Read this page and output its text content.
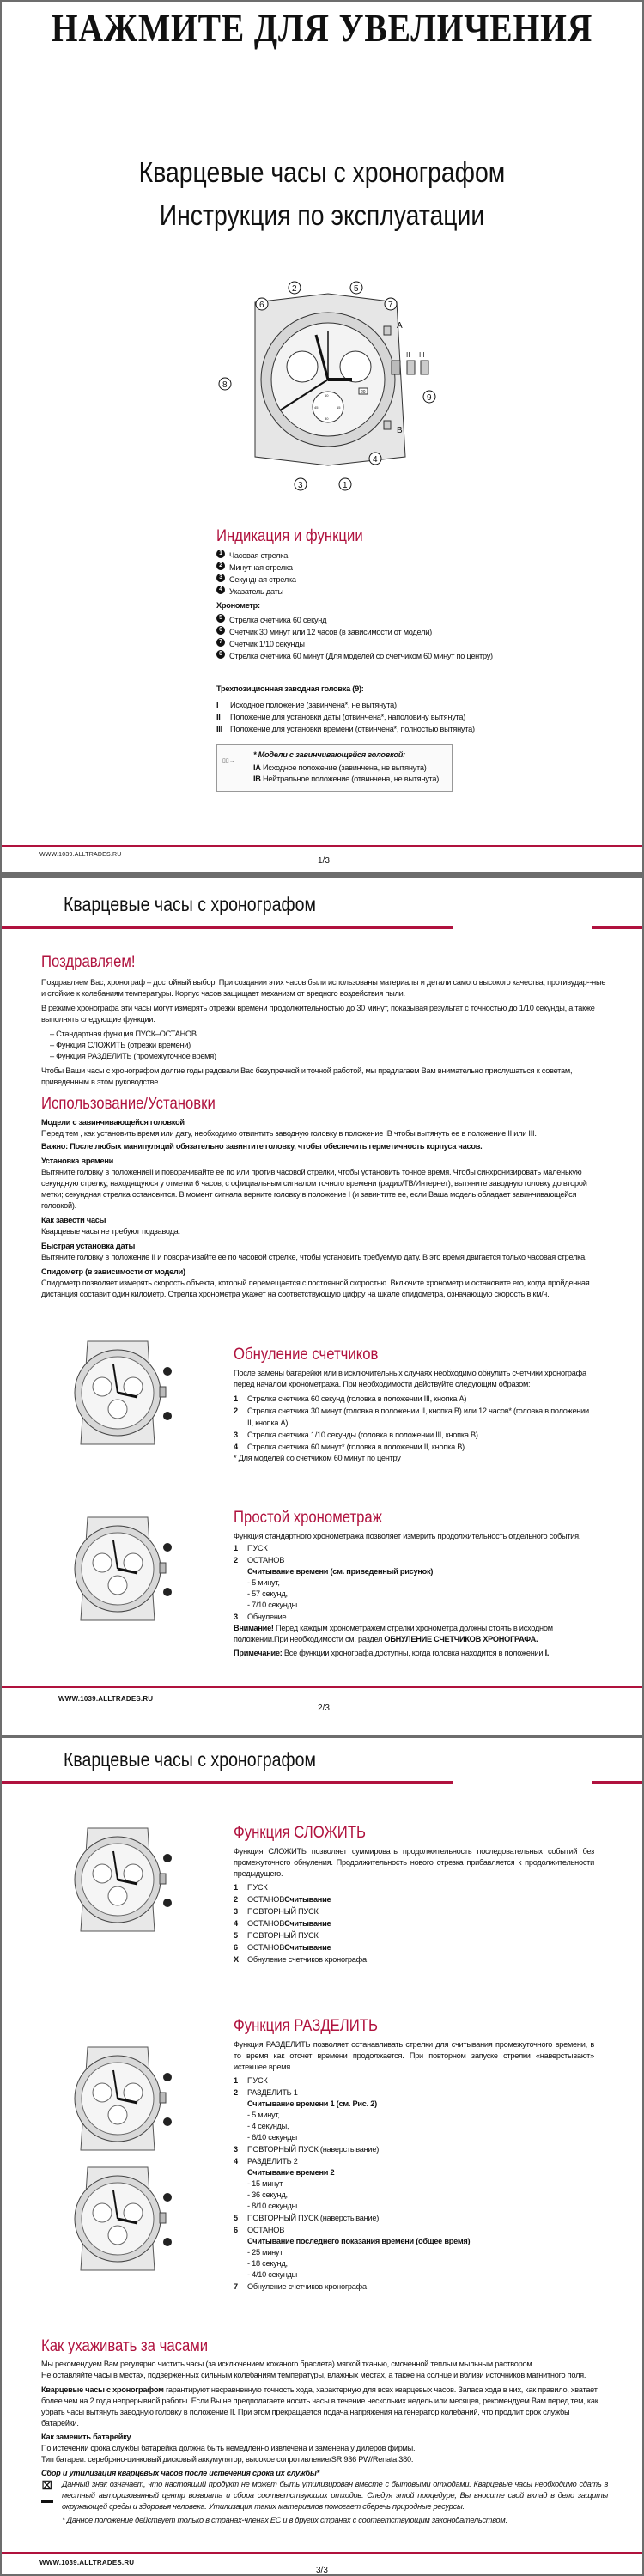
НАЖМИТЕ ДЛЯ УВЕЛИЧЕНИЯ
Кварцевые часы с хронографом
Инструкция по эксплуатации
6
2	5
7
8
9
4
3	1
A
B
II III
60
15
30
45
20
Индикация и функции
1 Часовая стрелка
2 Минутная стрелка
3 Секундная стрелка
4 Указатель даты
Хронометр:
5 Стрелка счетчика 60 секунд
6 Счетчик 30 минут или 12 часов (в зависимости от модели)
7 Счетчик 1/10 секунды
8 Стрелка счетчика 60 минут (Для моделей со счетчиком 60 минут по центру)
Трехпозиционная заводная головка (9):
I	Исходное положение (завинчена*, не вытянута)
II	Положение для установки даты (отвинчена*, наполовину вытянута)
III Положение для установки времени (отвинчена*, полностью вытянута)
▯▯→
* Модели с завинчивающейся головкой:
IA Исходное положение (завинчена, не вытянута)
IB Нейтральное положение (отвинчена, не вытянута)
WWW.1039.ALLTRADES.RU
1/3
Кварцевые часы с хронографом
Поздравляем!

Поздравляем Вас, хронограф – достойный выбор. При создании этих часов были использованы материалы и детали самого высокого качества, противудар--ные и стойкие к колебаниям температуры. Корпус часов защищает механизм от вредного воздействия пыли.

В режиме хронографа эти часы могут измерять отрезки времени продолжительностью до 30 минут, показывая результат с точностью до 1/10 секунды, а также выполнять следующие функции:

– Стандартная функция ПУСК–ОСТАНОВ
– Функция СЛОЖИТЬ (отрезки времени)
– Функция РАЗДЕЛИТЬ (промежуточное время)

Чтобы Ваши часы с хронографом долгие годы радовали Вас безупречной и точной работой, мы предлагаем Вам внимательно прислушаться к советам, приведенным в этом руководстве.

Использование/Установки

Модели с завинчивающейся головкой

Перед тем , как установить время или дату, необходимо отвинтить заводную головку в положение IB чтобы вытянуть ее в положение II или III.

Важно: После любых манипуляций обязательно завинтите головку, чтобы обеспечить герметичность корпуса часов.

Установка времени

Вытяните головку в положениеII и поворачивайте ее по или против часовой стрелки, чтобы установить точное время. Чтобы синхронизировать маленькую секундную стрелку, находящуюся у отметки 6 часов, с официальным сигналом точного времени (радио/ТВ/Интернет), вытяните заводную головку до второй метки; секундная стрелка остановится. В момент сигнала верните головку в положение I (и завинтите ее, если Ваша модель обладает завинчивающейся головкой).

Как завести часы

Кварцевые часы не требуют подзавода.

Быстрая установка даты

Вытяните головку в положение II и поворачивайте ее по часовой стрелке, чтобы установить требуемую дату. В это время двигается только часовая стрелка.

Спидометр (в зависимости от модели)

Спидометр позволяет измерять скорость объекта, который перемещается с постоянной скоростью. Включите хронометр и остановите его, когда пройденная дистанция составит один километр. Стрелка хронометра укажет на соответствующую цифру на шкале спидометра, означающую скорость в км/ч.

Обнуление счетчиков

После замены батарейки или в исключительных случаях необходимо обнулить счетчики хронографа перед началом хронометража. При необходимости действуйте следующим образом:

1	Стрелка счетчика 60 секунд (головка в положении III, кнопка A)
2	Стрелка счетчика 30 минут (головка в положении II, кнопка B) или 12 часов* (головка в положении II, кнопка A)
3	Стрелка счетчика 1/10 секунды (головка в положении III, кнопка B)
4	Стрелка счетчика 60 минут* (головка в положении II, кнопка B)

* Для моделей со счетчиком 60 минут по центру

Простой хронометраж

Функция стандартного хронометража позволяет измерить продолжительность отдельного события.

1	ПУСК
2	ОСТАНОВ

Считывание времени (см. приведенный рисунок)

- 5 минут,
- 57 секунд,
- 7/10 секунды
3	Обнуление

Внимание! Перед каждым хронометражем стрелки хронометра должны стоять в исходном положении.При необходимости см. раздел ОБНУЛЕНИЕ СЧЕТЧИКОВ ХРОНОГРАФА.

Примечание: Все функции хронографа доступны, когда головка находится в положении I.

WWW.1039.ALLTRADES.RU
2/3
Кварцевые часы с хронографом
Функция СЛОЖИТЬ

Функция СЛОЖИТЬ позволяет суммировать продолжительность последовательных событий без промежуточного обнуления. Продолжительность нового отрезка прибавляется к продолжительности предыдущего.

1	ПУСК
2	ОСТАНОВ Считывание
3	ПОВТОРНЫЙ ПУСК
4	ОСТАНОВ Считывание
5	ПОВТОРНЫЙ ПУСК
6	ОСТАНОВ Считывание
X	Обнуление счетчиков хронографа
Функция РАЗДЕЛИТЬ

Функция РАЗДЕЛИТЬ позволяет останавливать стрелки для считывания промежуточного времени, в то время как отсчет времени продолжается. При повторном запуске стрелки «наверстывают» истекшее время.

1	ПУСК
2	РАЗДЕЛИТЬ 1
Считывание времени 1 (см. Рис. 2)
- 5 минут,
- 4 секунды,
- 6/10 секунды
3	ПОВТОРНЫЙ ПУСК (наверстывание)
4	РАЗДЕЛИТЬ 2
Считывание времени 2
- 15 минут,
- 36 секунд,
- 8/10 секунды
5	ПОВТОРНЫЙ ПУСК (наверстывание)
6	ОСТАНОВ
Считывание последнего показания времени (общее время)
- 25 минут,
- 18 секунд,
- 4/10 секунды
7	Обнуление счетчиков хронографа
Как ухаживать за часами

Мы рекомендуем Вам регулярно чистить часы (за исключением кожаного браслета) мягкой тканью, смоченной теплым мыльным раствором.

Не оставляйте часы в местах, подверженных сильным колебаниям температуры, влажных местах, а также на солнце и вблизи источников магнитного поля.

Кварцевые часы с хронографом гарантируют несравненную точность хода, характерную для всех кварцевых часов. Запаса хода в них, как правило, хватает более чем на 2 года непрерывной работы. Если Вы не предполагаете носить часы в течение нескольких недель или месяцев, рекомендуем Вам перед тем, как убрать часы вытянуть заводную головку в положение II. При этом прекращается подача напряжения на генератор колебаний, что продлит срок службы батарейки.

Как заменить батарейку

По истечении срока службы батарейка должна быть немедленно извлечена и заменена у дилеров фирмы.

Тип батареи: серебряно-цинковый дисковый аккумулятор, высокое сопротивление/SR 936 PW/Renata 380.

Сбор и утилизация кварцевых часов после истечения срока их службы*

⊠	Данный знак означает, что настоящий продукт не может быть утилизирован вместе с бытовыми отходами. Кварцевые часы необходимо сдать в местный авторизованный центр возврата и сбора соответствующих отходов. Следуя этой процедуре, Вы вносите свой вклад в дело защиты окружающей среды и здоровья человека. Утилизация таких материалов помогает сберечь природные ресурсы.

* Данное положение действует только в странах-членах ЕС и в других странах с соответствующим законодательством.

WWW.1039.ALLTRADES.RU
3/3
